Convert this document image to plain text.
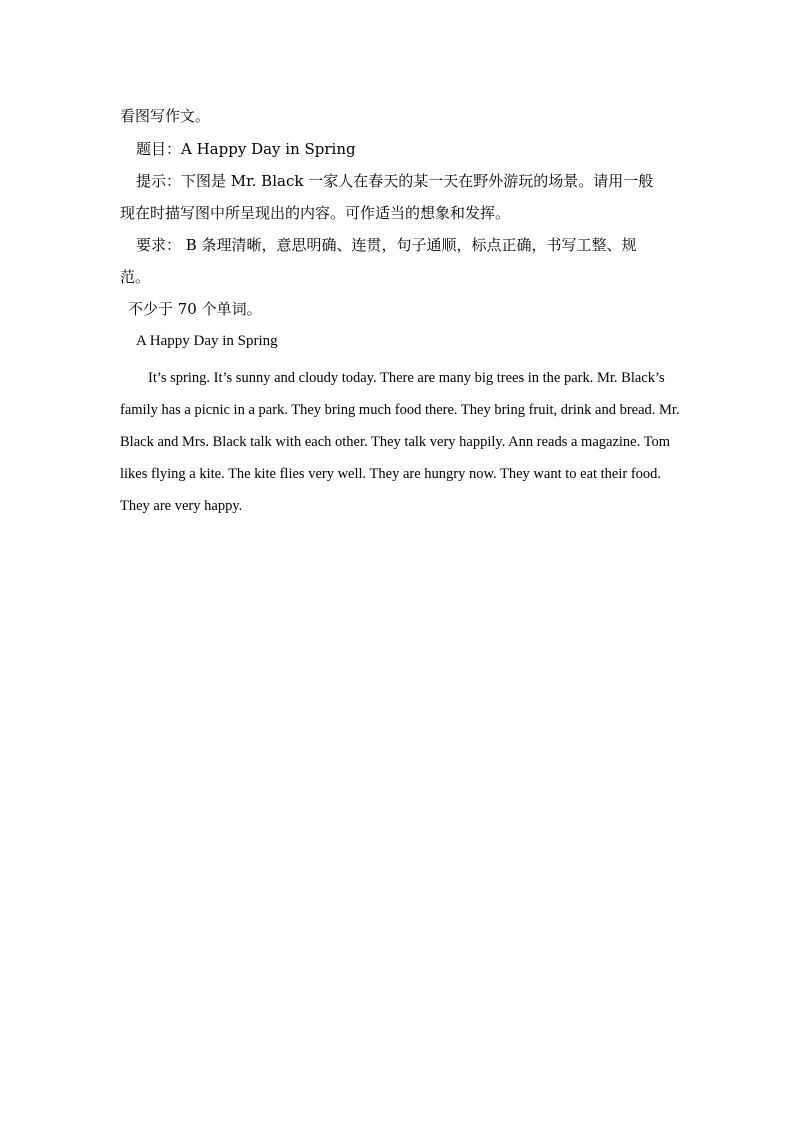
看图写作文。
题目：A Happy Day in Spring
提示：下图是 Mr. Black 一家人在春天的某一天在野外游玩的场景。请用一般
现在时描写图中所呈现出的内容。可作适当的想象和发挥。
要求： B 条理清晰，意思明确、连贯，句子通顺，标点正确，书写工整、规
范。
不少于 70 个单词。
A Happy Day in Spring

It’s spring. It’s sunny and cloudy today. There are many big trees in the park. Mr. Black’s family has a picnic in a park. They bring much food there. They bring fruit, drink and bread. Mr. Black and Mrs. Black talk with each other. They talk very happily. Ann reads a magazine. Tom likes flying a kite. The kite flies very well. They are hungry now. They want to eat their food. They are very happy.
